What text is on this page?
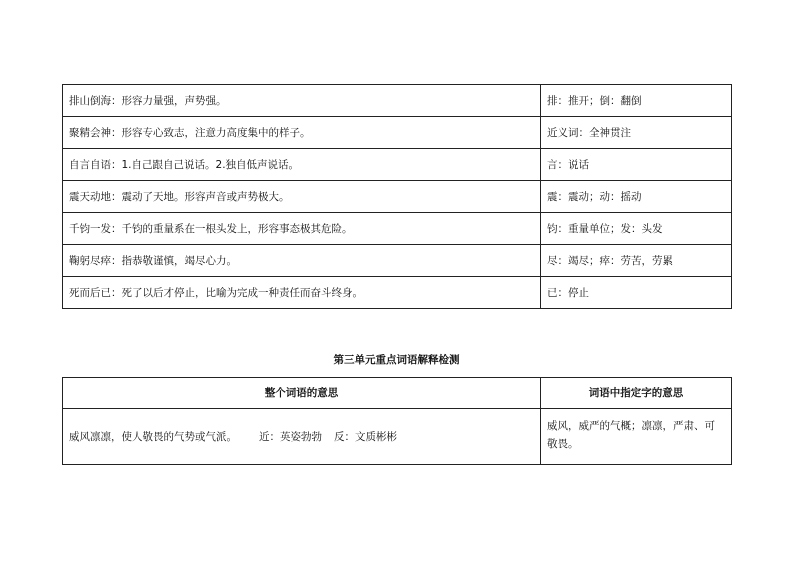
排山倒海：形容力量强，声势强。	排：推开；倒：翻倒
聚精会神：形容专心致志，注意力高度集中的样子。	近义词：全神贯注
自言自语：1.自己跟自己说话。2.独自低声说话。	言：说话
震天动地：震动了天地。形容声音或声势极大。	震：震动；动：摇动
千钧一发：千钧的重量系在一根头发上，形容事态极其危险。	钧：重量单位；发：头发
鞠躬尽瘁：指恭敬谨慎，竭尽心力。	尽：竭尽；瘁：劳苦，劳累
死而后已：死了以后才停止，比喻为完成一种责任而奋斗终身。	已：停止
第三单元重点词语解释检测
整个词语的意思	词语中指定字的意思
威风凛凛，使人敬畏的气势或气派。 近：英姿勃勃 反：文质彬彬	威风，威严的气概；凛凛，严肃、可敬畏。
